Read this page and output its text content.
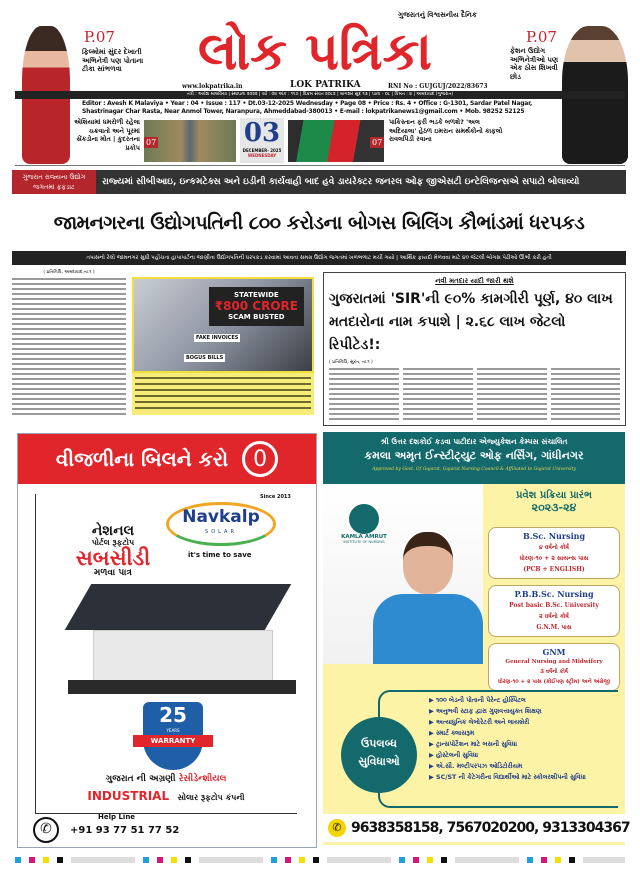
P.07
ફિલ્મોમાં સુંદર દેખાતી અભિનેત્રી પણ પોતાના ટીકા સાંભળવા
P.07
ફેશન ઉદ્યોગ અભિનેત્રીઓ પણ એક ઠોસ શિખવી છોડ
ગુજરાતનું વિશ્વસનીય દૈનિક
લોક પત્રિકા
www.lokpatrika.in	LOK PATRIKA	RNI No : GUJGUJ/2022/83673
તંત્રી : અવેશ માલવિયા | સ્થાપના ૨૦૨૨ | વર્ષ : ૦૪ અંક : ૧૧૭ | વિક્રમ સંવત ૨૦૮૨ | માગશર સુદ ૧૩ | પાના - ૦૮ | કિંમત : ૪ | અમદાવાદ (ગુજરાત)
Editor : Avesh K Malaviya • Year : 04 • Issue : 117 • Dt.03-12-2025 Wednesday • Page 08 • Price : Rs. 4 • Office : G-1301, Sardar Patel Nagar,
Shastrinagar Char Rasta, Near Anmol Tower, Naranpura, Ahmeddabad-380013 • E-mail : lokpatrikanews1@gmail.com • Mob. 98252 52125
એશિયામાં ધમરોળી રહેલા ચક્રવાતો અને પૂરમાં સેંકડોના મોત | કુદરતના પ્રકોપ
07	03
DECEMBER- 2025
WEDNESDAY
07
પાકિસ્તાન ફરી ભડકે બળશે? 'અલ અદિયાલા' હેઠળ ઇમરાન સમર્થકોનો કાફલો રાવલપિંડી રવાના
ગુજરાત રાજ્યના ઉદ્યોગ જગતમાં ફફડાટ
રાજ્યમાં સીબીઆઇ, ઇન્કમટેક્સ અને ઇડીની કાર્યવાહી બાદ હવે ડાયરેક્ટર જનરલ ઓફ જીએસટી ઇન્ટેલિજન્સએ સપાટો બોલાવ્યો
જામનગરના ઉદ્યોગપતિની ૮૦૦ કરોડના બોગસ બિલિંગ કૌભાંડમાં ધરપકડ
તપાસનો રેલો જામનગર સુધી પહોંચતા હાપાપાર્ટના જાણીતા ઉદ્યોગપતિની ધરપકડ કરવામાં આવતા સમગ્ર ઉદ્યોગ જગતમાં ખળભળાટ મચી ગયો | આર્થિક ફાયદો મેળવવા માટે ૪૦ જેટલી બોગસ પેઢીઓ ઊભી કરી હતી
( પ્રતિનિધિ, અમદાવાદ,તા.૧ )
STATEWIDE
₹800 CRORE
SCAM BUSTED
FAKE INVOICES
BOGUS BILLS
નવી મતદાર યાદી જારી થશે
ગુજરાતમાં 'SIR'ની ૯૦% કામગીરી પૂર્ણ, ૪૦ લાખ મતદારોના નામ કપાશે | ૨.૬૮ લાખ જેટલો રિપીટેડ!:
( પ્રતિનિધિ, સુરત, તા.૧ )
વીજળીના બિલને કરો	0
Since 2013
Navkalp
SOLAR
it's time to save
નેશનલ
પોર્ટલ રૂફટોપ
સબસીડી
મળવા પાત્ર
25
YEARS
WARRANTY
ગુજરાત ની અગ્રણી રેસીડેન્શીયલ
INDUSTRIAL સોલાર રૂફટોપ કંપની
✆
Help Line
+91 93 77 51 77 52
શ્રી ઉત્તર દશકોઈ કડવા પાટીદાર એજ્યુકેશન કેમ્પસ સંચાલિત
કમલા અમૃત ઈન્સ્ટીટ્યુટ ઓફ નર્સિંગ, ગાંધીનગર
Approved by Govt. Of Gujarat, Gujarat Nursing Council & Affiliated to Gujarat University
KAMLA AMRUT
INSTITUTE OF NURSING
પ્રવેશ પ્રક્રિયા પ્રારંભ
૨૦૨૩-૨૪
B.Sc. Nursing
૪ વર્ષનો કોર્ષ
ધોરણ-૧૦ + ૨ સાયન્સ પાસ
(PCB + ENGLISH)
P.B.B.Sc. Nursing
Post basic B.Sc. University
૨ વર્ષનો કોર્ષ
G.N.M. પાસ
GNM
General Nursing and Midwifery
૩ વર્ષનો કોર્ષ
ધોરણ-૧૦ + ૨ પાસ (કોઈપણ સ્ટ્રીમ) અને અંગ્રેજી
ઉપલબ્ધ સુવિધાઓ
▶ ૧૦૦ બેડની પોતાની પેરેન્ટ હોસ્પિટલ
▶ અનુભવી સ્ટાફ દ્વારા ગુણવત્તાયુક્ત શિક્ષણ
▶ અત્યાધુનિક લેબોરેટરી અને લાયબ્રેરી
▶ સ્માર્ટ ક્લાસરૂમ
▶ ટ્રાન્સપોર્ટેશન માટે બસની સુવિધા
▶ હોસ્ટેલની સુવિધા
▶ એ.સી. મલ્ટીપરપઝ ઓડિટોરીયમ
▶ SC/ST ની કેટેગરીના વિદ્યાર્થીઓ માટે સ્કોલરશીપની સુવિધા
✆ 9638358158, 7567020200, 9313304367
